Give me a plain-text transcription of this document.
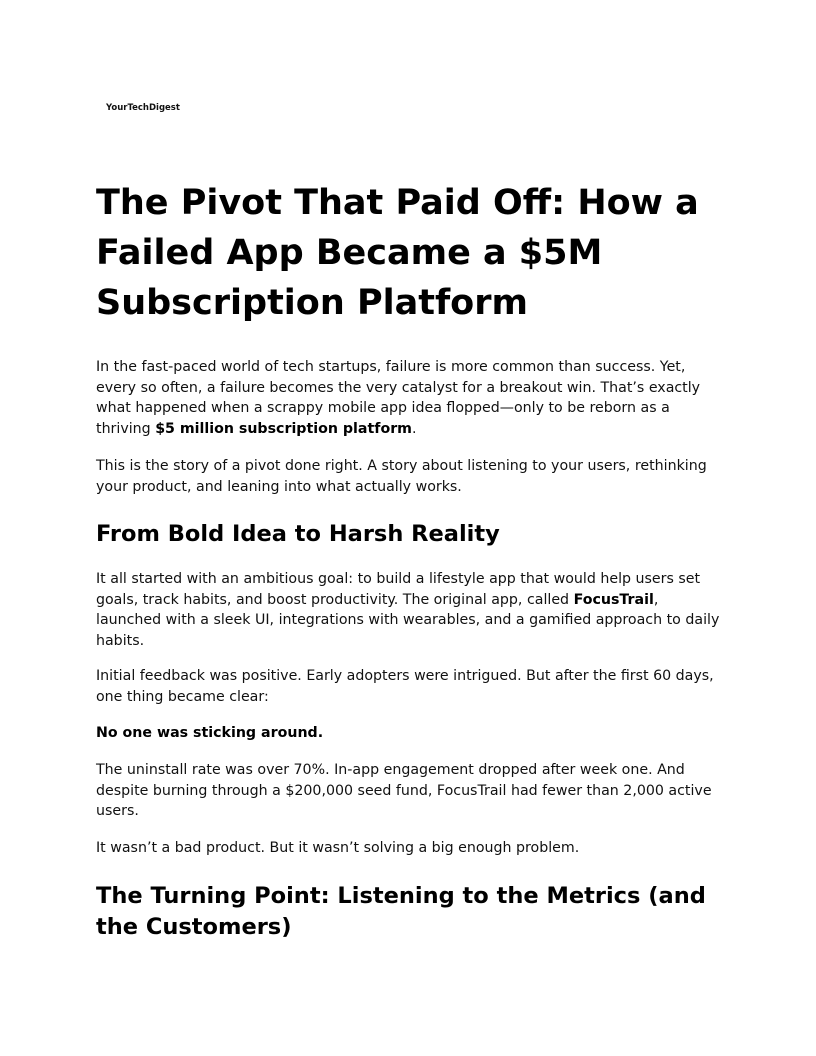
YourTechDigest
The Pivot That Paid Off: How a Failed App Became a $5M Subscription Platform

In the fast-paced world of tech startups, failure is more common than success. Yet, every so often, a failure becomes the very catalyst for a breakout win. That’s exactly what happened when a scrappy mobile app idea flopped—only to be reborn as a thriving $5 million subscription platform.

This is the story of a pivot done right. A story about listening to your users, rethinking your product, and leaning into what actually works.

From Bold Idea to Harsh Reality

It all started with an ambitious goal: to build a lifestyle app that would help users set goals, track habits, and boost productivity. The original app, called FocusTrail, launched with a sleek UI, integrations with wearables, and a gamified approach to daily habits.

Initial feedback was positive. Early adopters were intrigued. But after the first 60 days, one thing became clear:

No one was sticking around.

The uninstall rate was over 70%. In-app engagement dropped after week one. And despite burning through a $200,000 seed fund, FocusTrail had fewer than 2,000 active users.

It wasn’t a bad product. But it wasn’t solving a big enough problem.

The Turning Point: Listening to the Metrics (and the Customers)
